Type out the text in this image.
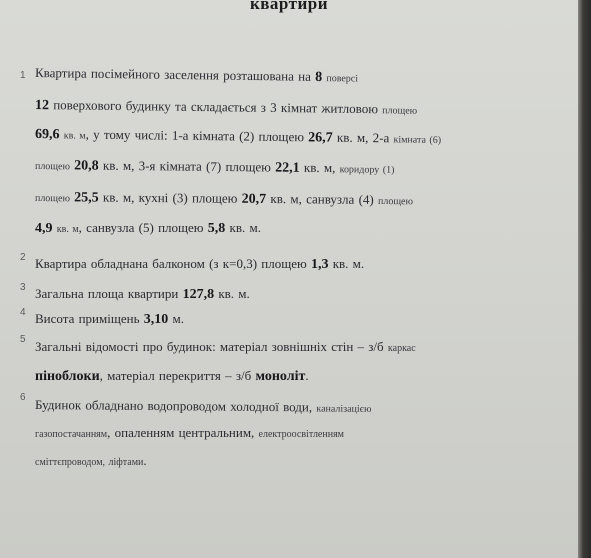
квартири
1 Квартира посімейного заселення розташована на 8 поверсі
12 поверхового будинку та складається з 3 кімнат житловою площею
69,6 кв. м, у тому числі: 1-а кімната (2) площею 26,7 кв. м, 2-а кімната (6)
площею 20,8 кв. м, 3-я кімната (7) площею 22,1 кв. м, коридору (1)
площею 25,5 кв. м, кухні (3) площею 20,7 кв. м, санвузла (4) площею
4,9 кв. м, санвузла (5) площею 5,8 кв. м.
2 Квартира обладнана балконом (з к=0,3) площею 1,3 кв. м.
3 Загальна площа квартири 127,8 кв. м.
4 Висота приміщень 3,10 м.
5 Загальні відомості про будинок: матеріал зовнішніх стін – з/б каркас
піноблоки, матеріал перекриття – з/б моноліт.
6 Будинок обладнано водопроводом холодної води, каналізацією
газопостачанням, опаленням центральним, електроосвітленням
сміттєпроводом, ліфтами.
